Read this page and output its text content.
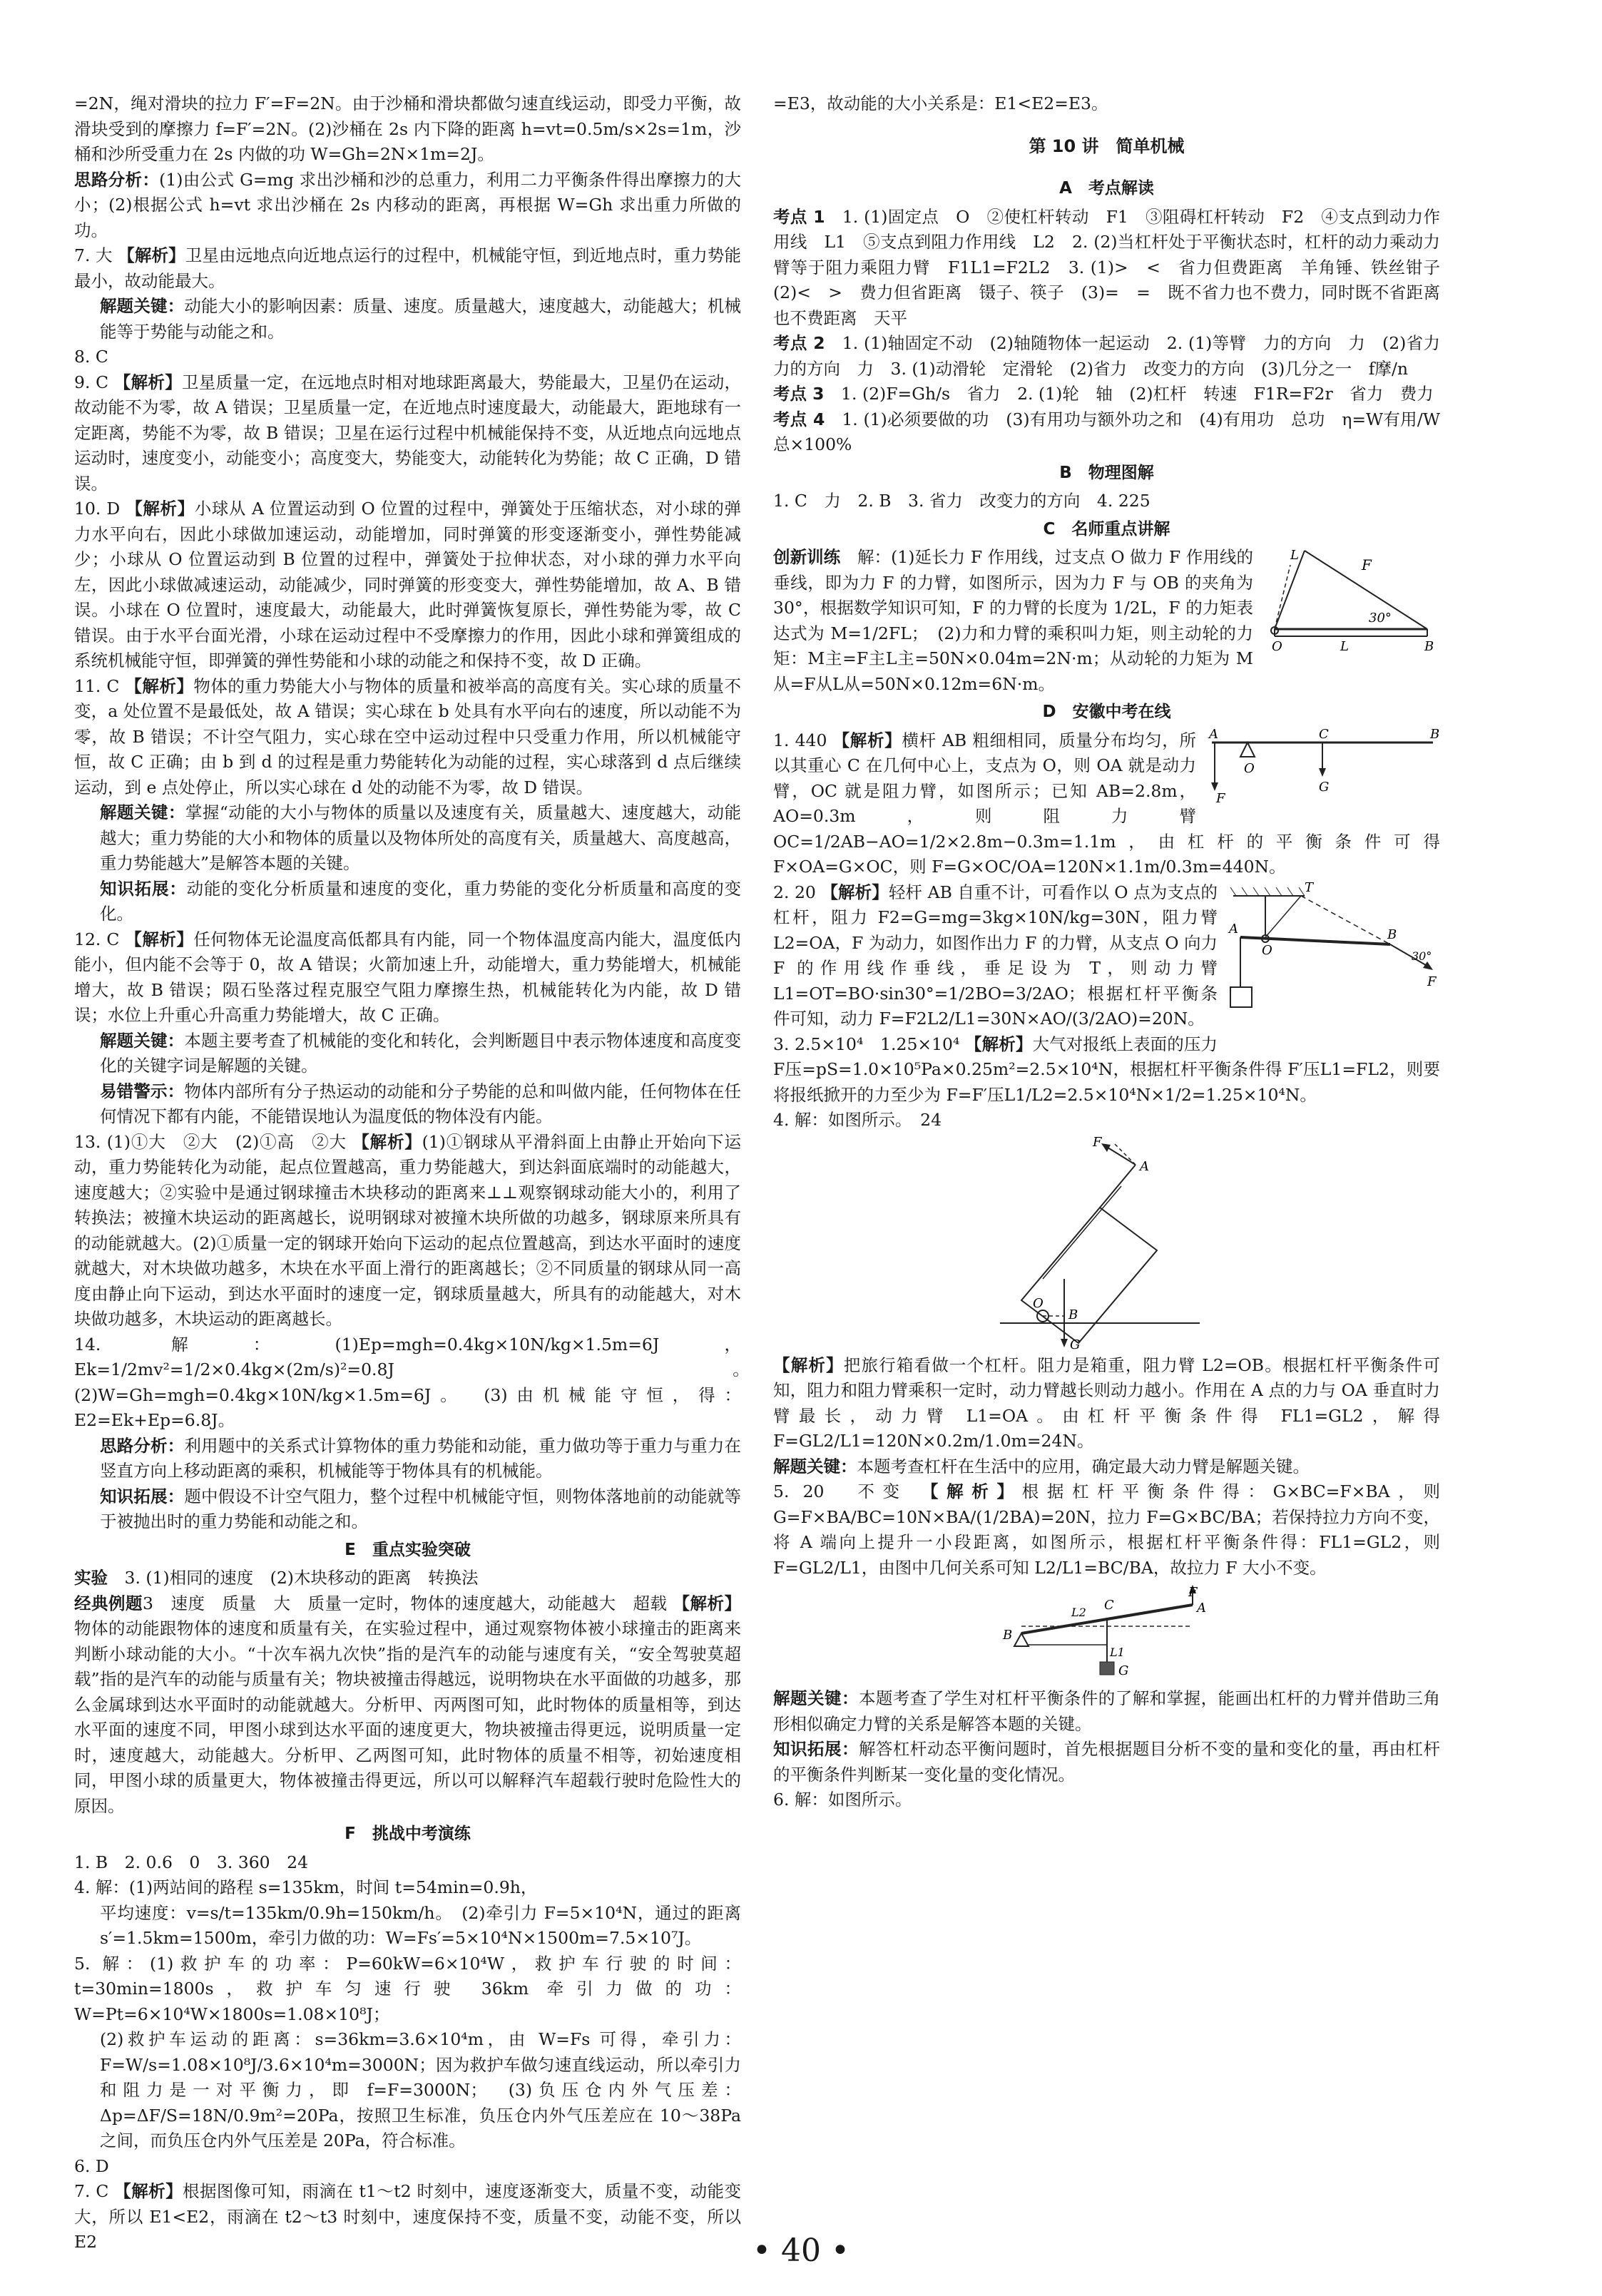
=2N，绳对滑块的拉力 F′=F=2N。由于沙桶和滑块都做匀速直线运动，即受力平衡，故滑块受到的摩擦力 f=F′=2N。(2)沙桶在 2s 内下降的距离 h=vt=0.5m/s×2s=1m，沙桶和沙所受重力在 2s 内做的功 W=Gh=2N×1m=2J。

思路分析：(1)由公式 G=mg 求出沙桶和沙的总重力，利用二力平衡条件得出摩擦力的大小；(2)根据公式 h=vt 求出沙桶在 2s 内移动的距离，再根据 W=Gh 求出重力所做的功。

7. 大 【解析】卫星由远地点向近地点运行的过程中，机械能守恒，到近地点时，重力势能最小，故动能最大。

解题关键：动能大小的影响因素：质量、速度。质量越大，速度越大，动能越大；机械能等于势能与动能之和。

8. C

9. C 【解析】卫星质量一定，在远地点时相对地球距离最大，势能最大，卫星仍在运动，故动能不为零，故 A 错误；卫星质量一定，在近地点时速度最大，动能最大，距地球有一定距离，势能不为零，故 B 错误；卫星在运行过程中机械能保持不变，从近地点向远地点运动时，速度变小，动能变小；高度变大，势能变大，动能转化为势能；故 C 正确，D 错误。

10. D 【解析】小球从 A 位置运动到 O 位置的过程中，弹簧处于压缩状态，对小球的弹力水平向右，因此小球做加速运动，动能增加，同时弹簧的形变逐渐变小，弹性势能减少；小球从 O 位置运动到 B 位置的过程中，弹簧处于拉伸状态，对小球的弹力水平向左，因此小球做减速运动，动能减少，同时弹簧的形变变大，弹性势能增加，故 A、B 错误。小球在 O 位置时，速度最大，动能最大，此时弹簧恢复原长，弹性势能为零，故 C 错误。由于水平台面光滑，小球在运动过程中不受摩擦力的作用，因此小球和弹簧组成的系统机械能守恒，即弹簧的弹性势能和小球的动能之和保持不变，故 D 正确。

11. C 【解析】物体的重力势能大小与物体的质量和被举高的高度有关。实心球的质量不变，a 处位置不是最低处，故 A 错误；实心球在 b 处具有水平向右的速度，所以动能不为零，故 B 错误；不计空气阻力，实心球在空中运动过程中只受重力作用，所以机械能守恒，故 C 正确；由 b 到 d 的过程是重力势能转化为动能的过程，实心球落到 d 点后继续运动，到 e 点处停止，所以实心球在 d 处的动能不为零，故 D 错误。

解题关键：掌握“动能的大小与物体的质量以及速度有关，质量越大、速度越大，动能越大；重力势能的大小和物体的质量以及物体所处的高度有关，质量越大、高度越高，重力势能越大”是解答本题的关键。

知识拓展：动能的变化分析质量和速度的变化，重力势能的变化分析质量和高度的变化。

12. C 【解析】任何物体无论温度高低都具有内能，同一个物体温度高内能大，温度低内能小，但内能不会等于 0，故 A 错误；火箭加速上升，动能增大，重力势能增大，机械能增大，故 B 错误；陨石坠落过程克服空气阻力摩擦生热，机械能转化为内能，故 D 错误；水位上升重心升高重力势能增大，故 C 正确。

解题关键：本题主要考查了机械能的变化和转化，会判断题目中表示物体速度和高度变化的关键字词是解题的关键。

易错警示：物体内部所有分子热运动的动能和分子势能的总和叫做内能，任何物体在任何情况下都有内能，不能错误地认为温度低的物体没有内能。

13. (1)①大　②大　(2)①高　②大 【解析】(1)①钢球从平滑斜面上由静止开始向下运动，重力势能转化为动能，起点位置越高，重力势能越大，到达斜面底端时的动能越大，速度越大；②实验中是通过钢球撞击木块移动的距离来⊥⊥观察钢球动能大小的，利用了转换法；被撞木块运动的距离越长，说明钢球对被撞木块所做的功越多，钢球原来所具有的动能就越大。(2)①质量一定的钢球开始向下运动的起点位置越高，到达水平面时的速度就越大，对木块做功越多，木块在水平面上滑行的距离越长；②不同质量的钢球从同一高度由静止向下运动，到达水平面时的速度一定，钢球质量越大，所具有的动能越大，对木块做功越多，木块运动的距离越长。

14. 解：(1)Ep=mgh=0.4kg×10N/kg×1.5m=6J，Ek=1/2mv²=1/2×0.4kg×(2m/s)²=0.8J。　(2)W=Gh=mgh=0.4kg×10N/kg×1.5m=6J。　(3)由机械能守恒，得：E2=Ek+Ep=6.8J。

思路分析：利用题中的关系式计算物体的重力势能和动能，重力做功等于重力与重力在竖直方向上移动距离的乘积，机械能等于物体具有的机械能。

知识拓展：题中假设不计空气阻力，整个过程中机械能守恒，则物体落地前的动能就等于被抛出时的重力势能和动能之和。

E　重点实验突破

实验　 3. (1)相同的速度　(2)木块移动的距离　转换法

经典例题3　速度　质量　大　质量一定时，物体的速度越大，动能越大　超载 【解析】物体的动能跟物体的速度和质量有关，在实验过程中，通过观察物体被小球撞击的距离来判断小球动能的大小。“十次车祸九次快”指的是汽车的动能与速度有关，“安全驾驶莫超载”指的是汽车的动能与质量有关；物块被撞击得越远，说明物块在水平面做的功越多，那么金属球到达水平面时的动能就越大。分析甲、丙两图可知，此时物体的质量相等，到达水平面的速度不同，甲图小球到达水平面的速度更大，物块被撞击得更远，说明质量一定时，速度越大，动能越大。分析甲、乙两图可知，此时物体的质量不相等，初始速度相同，甲图小球的质量更大，物体被撞击得更远，所以可以解释汽车超载行驶时危险性大的原因。

F　挑战中考演练

1. B　2. 0.6　0　3. 360　24

4. 解：(1)两站间的路程 s=135km，时间 t=54min=0.9h，

平均速度：v=s/t=135km/0.9h=150km/h。　(2)牵引力 F=5×10⁴N，通过的距离 s′=1.5km=1500m，牵引力做的功：W=Fs′=5×10⁴N×1500m=7.5×10⁷J。

5. 解：(1)救护车的功率：P=60kW=6×10⁴W，救护车行驶的时间：t=30min=1800s，救护车匀速行驶 36km 牵引力做的功：W=Pt=6×10⁴W×1800s=1.08×10⁸J；

(2)救护车运动的距离：s=36km=3.6×10⁴m，由 W=Fs 可得，牵引力：F=W/s=1.08×10⁸J/3.6×10⁴m=3000N；因为救护车做匀速直线运动，所以牵引力和阻力是一对平衡力，即 f=F=3000N；　(3)负压仓内外气压差：Δp=ΔF/S=18N/0.9m²=20Pa，按照卫生标准，负压仓内外气压差应在 10～38Pa 之间，而负压仓内外气压差是 20Pa，符合标准。

6. D

7. C 【解析】根据图像可知，雨滴在 t1～t2 时刻中，速度逐渐变大，质量不变，动能变大，所以 E1<E2，雨滴在 t2～t3 时刻中，速度保持不变，质量不变，动能不变，所以 E2

=E3，故动能的大小关系是：E1<E2=E3。

第 10 讲　简单机械

A　考点解读

考点 1　 1. (1)固定点　O　②使杠杆转动　F1　③阻碍杠杆转动　F2　④支点到动力作用线　L1　⑤支点到阻力作用线　L2　2. (2)当杠杆处于平衡状态时，杠杆的动力乘动力臂等于阻力乘阻力臂　F1L1=F2L2　3. (1)>　<　省力但费距离　羊角锤、铁丝钳子　(2)<　>　费力但省距离　镊子、筷子　(3)=　=　既不省力也不费力，同时既不省距离也不费距离　天平

考点 2　 1. (1)轴固定不动　(2)轴随物体一起运动　2. (1)等臂　力的方向　力　(2)省力　力的方向　力　3. (1)动滑轮　定滑轮　(2)省力　改变力的方向　(3)几分之一　f摩/n

考点 3　 1. (2)F=Gh/s　省力　2. (1)轮　轴　(2)杠杆　转速　F1R=F2r　省力　费力

考点 4　 1. (1)必须要做的功　(3)有用功与额外功之和　(4)有用功　总功　η=W有用/W总×100%

B　物理图解

1. C　力　2. B　3. 省力　改变力的方向　4. 225

C　名师重点讲解

L
F
30°
O	L	B

创新训练　 解：(1)延长力 F 作用线，过支点 O 做力 F 作用线的垂线，即为力 F 的力臂，如图所示，因为力 F 与 OB 的夹角为 30°，根据数学知识可知，F 的力臂的长度为 1/2L，F 的力矩表达式为 M=1/2FL；　(2)力和力臂的乘积叫力矩，则主动轮的力矩：M主=F主L主=50N×0.04m=2N·m；从动轮的力矩为 M从=F从L从=50N×0.12m=6N·m。

D　安徽中考在线

A
O
C
G
F
B

1. 440 【解析】横杆 AB 粗细相同，质量分布均匀，所以其重心 C 在几何中心上，支点为 O，则 OA 就是动力臂，OC 就是阻力臂，如图所示；已知 AB=2.8m，AO=0.3m，则阻力臂 OC=1/2AB−AO=1/2×2.8m−0.3m=1.1m，由杠杆的平衡条件可得 F×OA=G×OC，则 F=G×OC/OA=120N×1.1m/0.3m=440N。

T
A
O
B
30°
F

2. 20 【解析】轻杆 AB 自重不计，可看作以 O 点为支点的杠杆，阻力 F2=G=mg=3kg×10N/kg=30N，阻力臂 L2=OA，F 为动力，如图作出力 F 的力臂，从支点 O 向力 F 的作用线作垂线，垂足设为 T，则动力臂 L1=OT=BO·sin30°=1/2BO=3/2AO；根据杠杆平衡条件可知，动力 F=F2L2/L1=30N×AO/(3/2AO)=20N。

3. 2.5×10⁴　1.25×10⁴ 【解析】大气对报纸上表面的压力 F压=pS=1.0×10⁵Pa×0.25m²=2.5×10⁴N，根据杠杆平衡条件得 F′压L1=FL2，则要将报纸掀开的力至少为 F=F′压L1/L2=2.5×10⁴N×1/2=1.25×10⁴N。

4. 解：如图所示。　24

F
A
O
B
G

【解析】把旅行箱看做一个杠杆。阻力是箱重，阻力臂 L2=OB。根据杠杆平衡条件可知，阻力和阻力臂乘积一定时，动力臂越长则动力越小。作用在 A 点的力与 OA 垂直时力臂最长，动力臂 L1=OA。由杠杆平衡条件得 FL1=GL2，解得 F=GL2/L1=120N×0.2m/1.0m=24N。

解题关键：本题考查杠杆在生活中的应用，确定最大动力臂是解题关键。

5. 20　不变 【解析】根据杠杆平衡条件得：G×BC=F×BA，则 G=F×BA/BC=10N×BA/(1/2BA)=20N，拉力 F=G×BC/BA；若保持拉力方向不变，将 A 端向上提升一小段距离，如图所示，根据杠杆平衡条件得：FL1=GL2，则 F=GL2/L1，由图中几何关系可知 L2/L1=BC/BA，故拉力 F 大小不变。

B
L2 C
F
A
L1
G

解题关键：本题考查了学生对杠杆平衡条件的了解和掌握，能画出杠杆的力臂并借助三角形相似确定力臂的关系是解答本题的关键。

知识拓展：解答杠杆动态平衡问题时，首先根据题目分析不变的量和变化的量，再由杠杆的平衡条件判断某一变化量的变化情况。

6. 解：如图所示。

• 40 •
